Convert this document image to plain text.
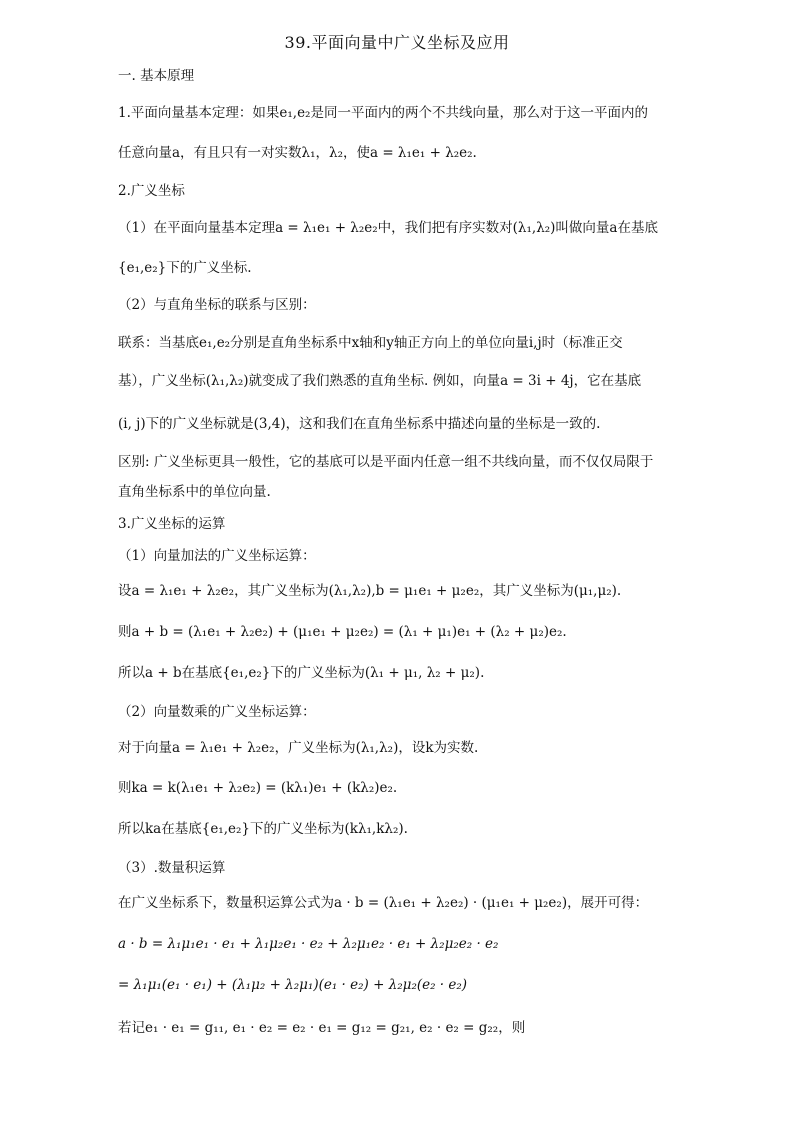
39.平面向量中广义坐标及应用
一. 基本原理
1.平面向量基本定理：如果e₁,e₂是同一平面内的两个不共线向量，那么对于这一平面内的
任意向量a，有且只有一对实数λ₁，λ₂，使a = λ₁e₁ + λ₂e₂.
2.广义坐标
（1）在平面向量基本定理a = λ₁e₁ + λ₂e₂中，我们把有序实数对(λ₁,λ₂)叫做向量a在基底
{e₁,e₂}下的广义坐标.
（2）与直角坐标的联系与区别：
联系：当基底e₁,e₂分别是直角坐标系中x轴和y轴正方向上的单位向量i,j时（标准正交
基），广义坐标(λ₁,λ₂)就变成了我们熟悉的直角坐标. 例如，向量a = 3i + 4j，它在基底
(i, j)下的广义坐标就是(3,4)，这和我们在直角坐标系中描述向量的坐标是一致的.
区别: 广义坐标更具一般性，它的基底可以是平面内任意一组不共线向量，而不仅仅局限于
直角坐标系中的单位向量.
3.广义坐标的运算
（1）向量加法的广义坐标运算：
设a = λ₁e₁ + λ₂e₂，其广义坐标为(λ₁,λ₂),b = μ₁e₁ + μ₂e₂，其广义坐标为(μ₁,μ₂).
则a + b = (λ₁e₁ + λ₂e₂) + (μ₁e₁ + μ₂e₂) = (λ₁ + μ₁)e₁ + (λ₂ + μ₂)e₂.
所以a + b在基底{e₁,e₂}下的广义坐标为(λ₁ + μ₁, λ₂ + μ₂).
（2）向量数乘的广义坐标运算：
对于向量a = λ₁e₁ + λ₂e₂，广义坐标为(λ₁,λ₂)，设k为实数.
则ka = k(λ₁e₁ + λ₂e₂) = (kλ₁)e₁ + (kλ₂)e₂.
所以ka在基底{e₁,e₂}下的广义坐标为(kλ₁,kλ₂).
（3）.数量积运算
在广义坐标系下，数量积运算公式为a · b = (λ₁e₁ + λ₂e₂) · (μ₁e₁ + μ₂e₂)，展开可得：
a · b = λ₁μ₁e₁ · e₁ + λ₁μ₂e₁ · e₂ + λ₂μ₁e₂ · e₁ + λ₂μ₂e₂ · e₂
= λ₁μ₁(e₁ · e₁) + (λ₁μ₂ + λ₂μ₁)(e₁ · e₂) + λ₂μ₂(e₂ · e₂)
若记e₁ · e₁ = g₁₁, e₁ · e₂ = e₂ · e₁ = g₁₂ = g₂₁, e₂ · e₂ = g₂₂，则
